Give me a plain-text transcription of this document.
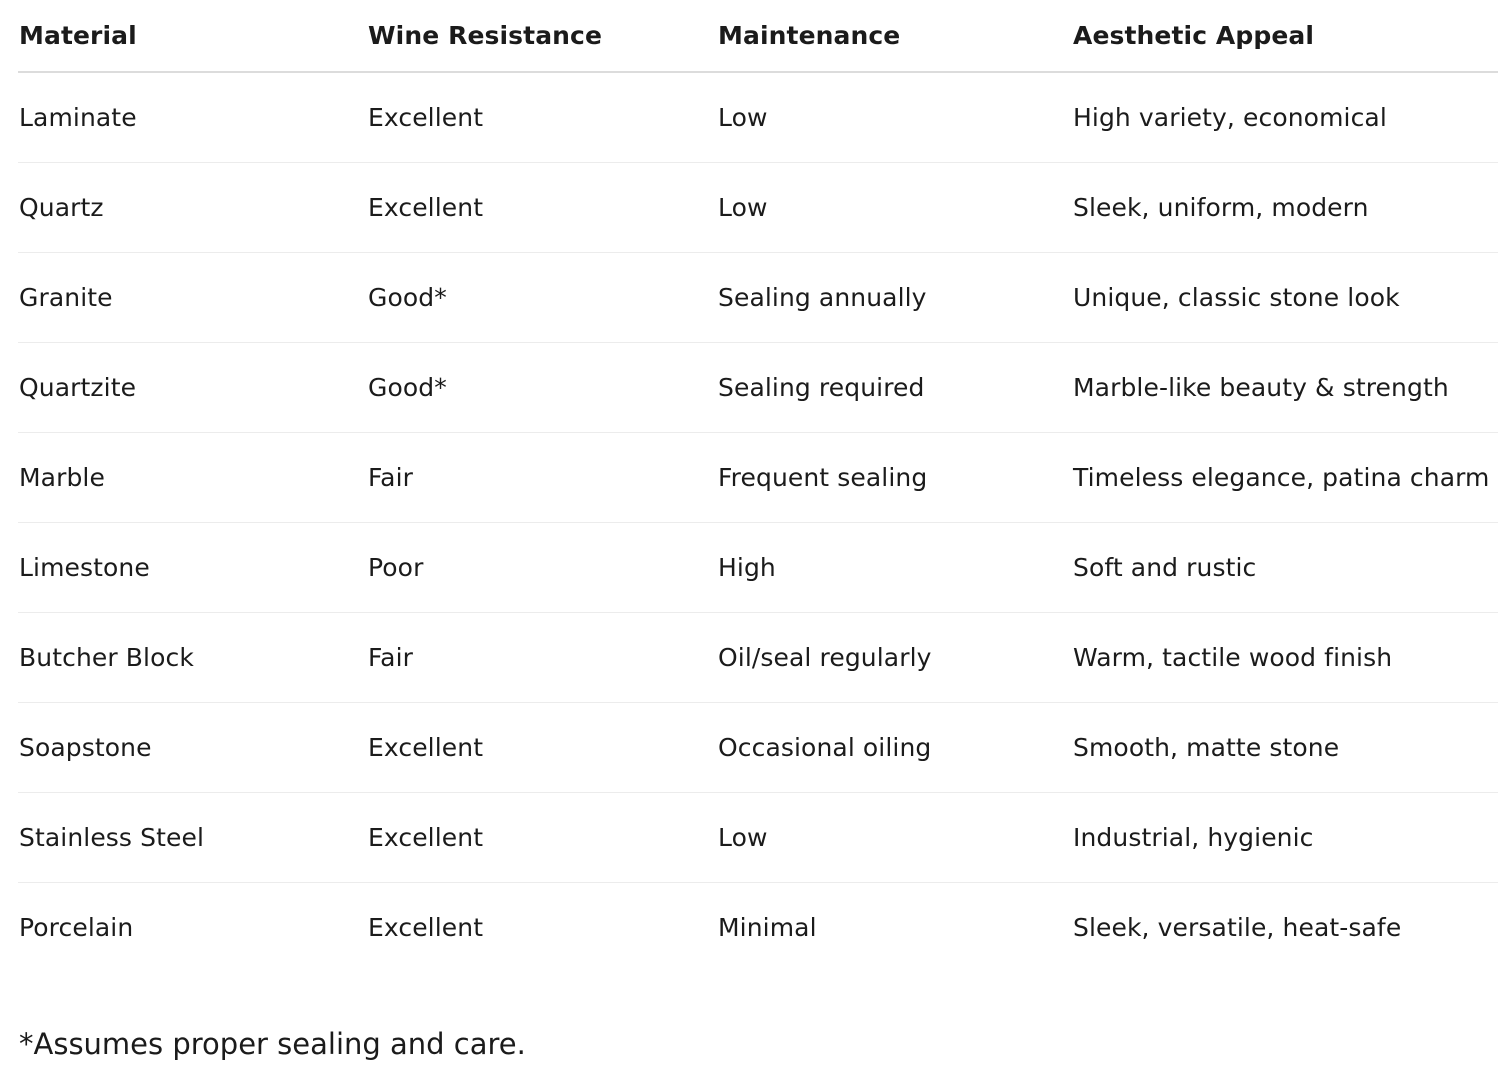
Material	Wine Resistance	Maintenance	Aesthetic Appeal
Laminate	Excellent	Low	High variety, economical
Quartz	Excellent	Low	Sleek, uniform, modern
Granite	Good*	Sealing annually	Unique, classic stone look
Quartzite	Good*	Sealing required	Marble-like beauty & strength
Marble	Fair	Frequent sealing	Timeless elegance, patina charm
Limestone	Poor	High	Soft and rustic
Butcher Block	Fair	Oil/seal regularly	Warm, tactile wood finish
Soapstone	Excellent	Occasional oiling	Smooth, matte stone
Stainless Steel	Excellent	Low	Industrial, hygienic
Porcelain	Excellent	Minimal	Sleek, versatile, heat-safe

*Assumes proper sealing and care.
